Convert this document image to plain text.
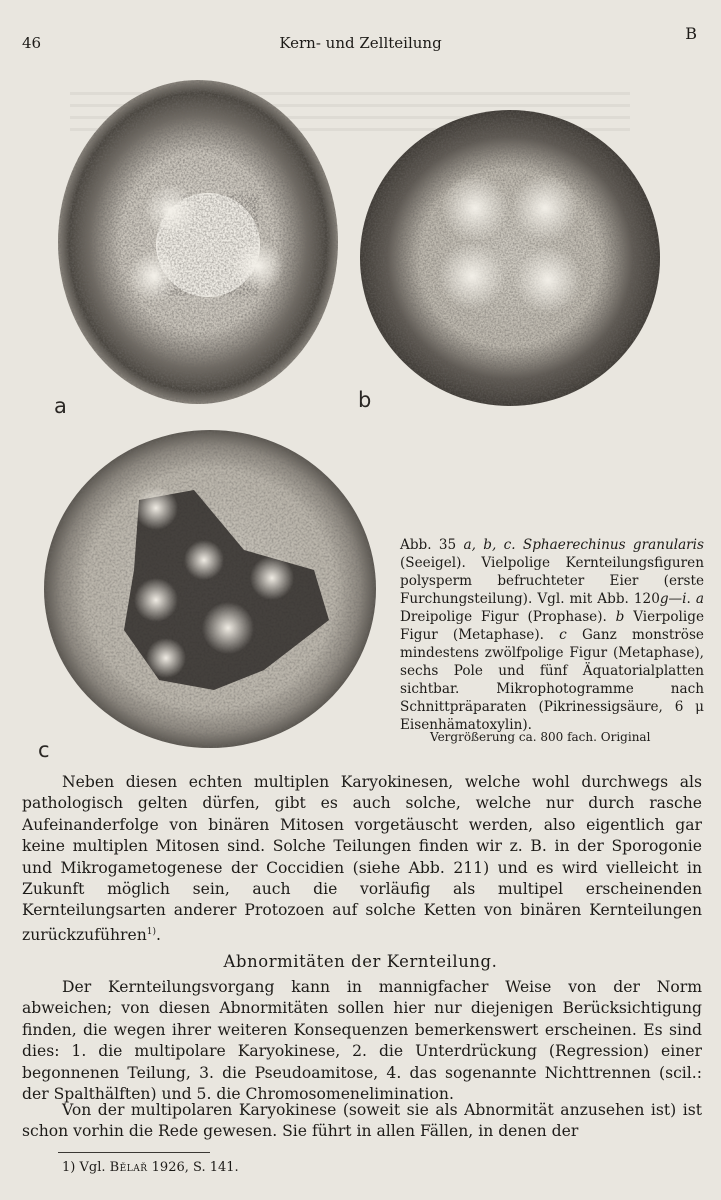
46	Kern- und Zellteilung	B
a	b
c
Abb. 35 a, b, c. Sphaerechinus granularis (Seeigel). Vielpolige Kernteilungsfiguren polysperm befruchteter Eier (erste Furchungsteilung). Vgl. mit Abb. 120g—i. a Dreipolige Figur (Prophase). b Vierpolige Figur (Metaphase). c Ganz monströse mindestens zwölfpolige Figur (Metaphase), sechs Pole und fünf Äquatorialplatten sichtbar. Mikrophotogramme nach Schnittpräparaten (Pikrinessigsäure, 6 μ Eisenhämatoxylin).
Vergrößerung ca. 800 fach. Original
Neben diesen echten multiplen Karyokinesen, welche wohl durchwegs als pathologisch gelten dürfen, gibt es auch solche, welche nur durch rasche Aufeinanderfolge von binären Mitosen vorgetäuscht werden, also eigentlich gar keine multiplen Mitosen sind. Solche Teilungen finden wir z. B. in der Sporogonie und Mikrogametogenese der Coccidien (siehe Abb. 211) und es wird vielleicht in Zukunft möglich sein, auch die vorläufig als multipel erscheinenden Kernteilungsarten anderer Protozoen auf solche Ketten von binären Kernteilungen zurückzuführen$^{1)}$.
Abnormitäten der Kernteilung.
Der Kernteilungsvorgang kann in mannigfacher Weise von der Norm abweichen; von diesen Abnormitäten sollen hier nur diejenigen Berücksichtigung finden, die wegen ihrer weiteren Konsequenzen bemerkenswert erscheinen. Es sind dies: 1. die multipolare Karyokinese, 2. die Unterdrückung (Regression) einer begonnenen Teilung, 3. die Pseudoamitose, 4. das sogenannte Nichttrennen (scil.: der Spalthälften) und 5. die Chromosomenelimination.
Von der multipolaren Karyokinese (soweit sie als Abnormität anzusehen ist) ist schon vorhin die Rede gewesen. Sie führt in allen Fällen, in denen der
1) Vgl. Bělař 1926, S. 141.
